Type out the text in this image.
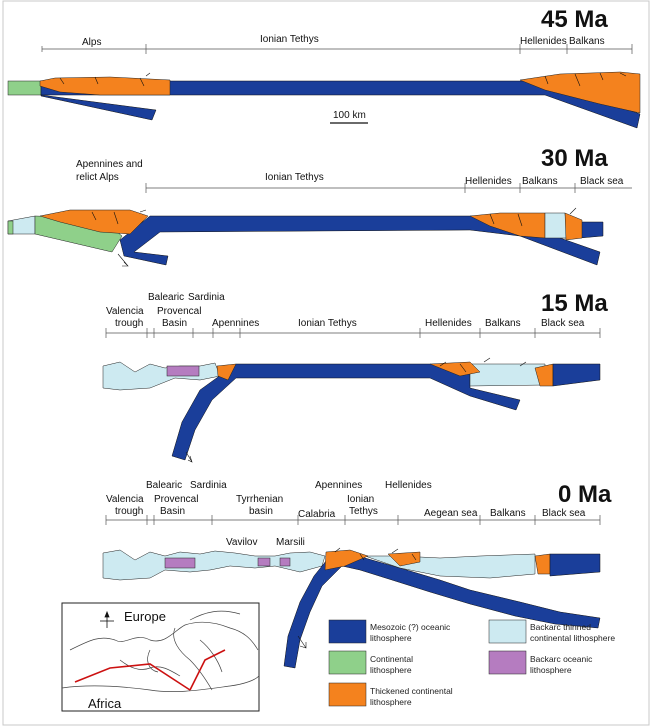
45 Ma
Alps	Ionian Tethys	Hellenides Balkans
100 km
30 Ma
Apennines and
relict Alps	Ionian Tethys	Hellenides Balkans Black sea
15 Ma
Valencia
trough
Balearic
Provencal
Basin
Sardinia
Apennines	Ionian Tethys	Hellenides Balkans Black sea
0 Ma
Valencia
trough
Balearic
Provencal
Basin
Sardinia
Tyrrhenian
basin	Calabria
Apennines
Ionian
Tethys
Hellenides
Aegean sea Balkans Black sea
Vavilov Marsili
Europe
Africa
Mesozoic (?) oceanic
lithosphere
Continental
lithosphere
Thickened continental
lithosphere
Backarc thinned
continental lithosphere
Backarc oceanic
lithosphere
